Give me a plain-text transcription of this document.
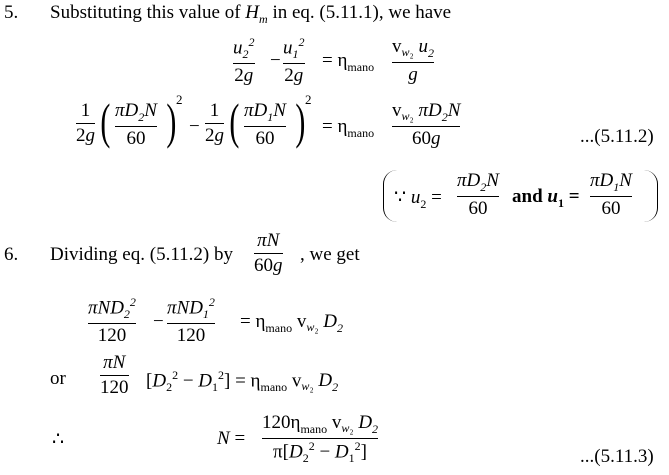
5. Substituting this value of $H_m$ in eq. (5.11.1), we have
$u_2^2$
2g
−
$u_1^2$
2g
= $\eta_{mano}$
$v_{w_2}$ $u_2$
g
1
2g ( $\pi D_2N$
60 ) 2
−
1
2g ( $\pi D_1N$
60 ) 2
= $\eta_{mano}$
$v_{w_2}$ $\pi D_2N$
60g	...(5.11.2)
∵ $u_2$ =
$\pi D_2N$
60
and $u_1$ =
$\pi D_1N$
60
6. Dividing eq. (5.11.2) by
πN
60g
, we get
πND$_2^2$
120
−
πND$_1^2$
120
= $\eta_{mano}$ $v_{w_2}$ $D_2$
or
πN
120 $[D_2^2 - D_1^2] = \eta_{mano}$ $v_{w_2}$ $D_2$
∴	N =
$120\eta_{mano}$ $v_{w_2}$ $D_2$
$\pi[D_2^2 - D_1^2]$	...(5.11.3)
